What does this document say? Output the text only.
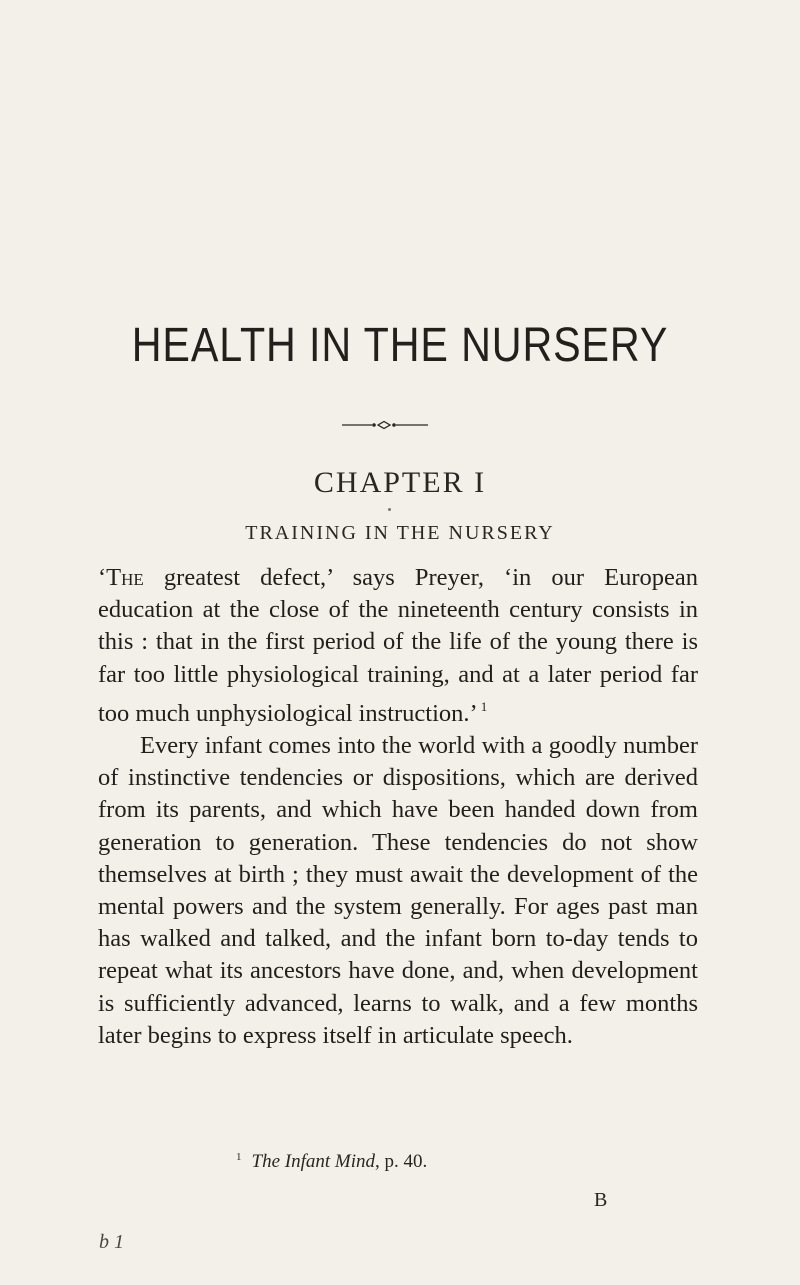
HEALTH IN THE NURSERY
CHAPTER I
TRAINING IN THE NURSERY

‘The greatest defect,’ says Preyer, ‘in our European education at the close of the nineteenth century consists in this : that in the first period of the life of the young there is far too little physiological training, and at a later period far too much unphysiological instruction.’ $^1$

Every infant comes into the world with a goodly number of instinctive tendencies or dispositions, which are derived from its parents, and which have been handed down from generation to generation. These tendencies do not show themselves at birth ; they must await the development of the mental powers and the system generally. For ages past man has walked and talked, and the infant born to-day tends to repeat what its ancestors have done, and, when development is sufficiently advanced, learns to walk, and a few months later begins to express itself in articulate speech.

$^1$ The Infant Mind, p. 40.
B
b 1
